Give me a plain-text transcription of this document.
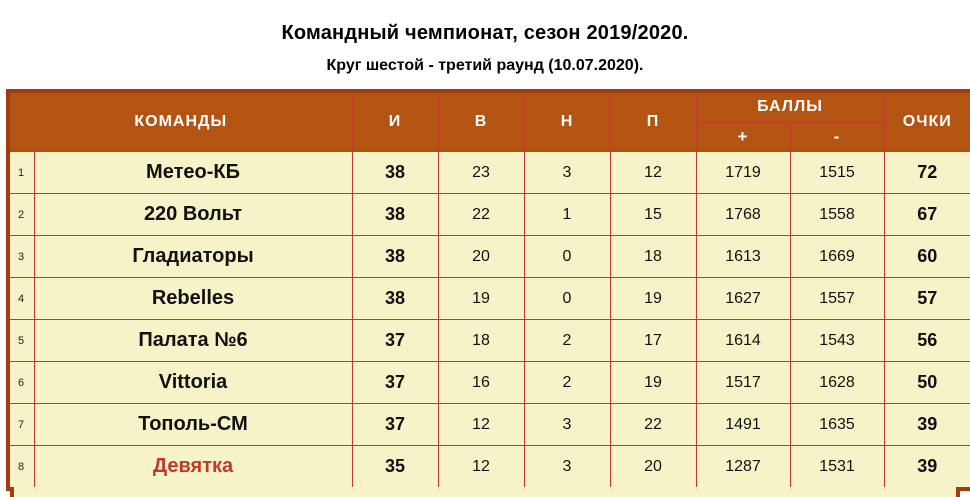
Командный чемпионат, сезон 2019/2020.
Круг шестой - третий раунд (10.07.2020).
КОМАНДЫ		И	В	Н	П	БАЛЛЫ		ОЧКИ
						+	-	
1	Метео-КБ	38	23	3	12	1719	1515	72
2	220 Вольт	38	22	1	15	1768	1558	67
3	Гладиаторы	38	20	0	18	1613	1669	60
4	Rebelles	38	19	0	19	1627	1557	57
5	Палата №6	37	18	2	17	1614	1543	56
6	Vittoria	37	16	2	19	1517	1628	50
7	Тополь-СМ	37	12	3	22	1491	1635	39
8	Девятка	35	12	3	20	1287	1531	39
